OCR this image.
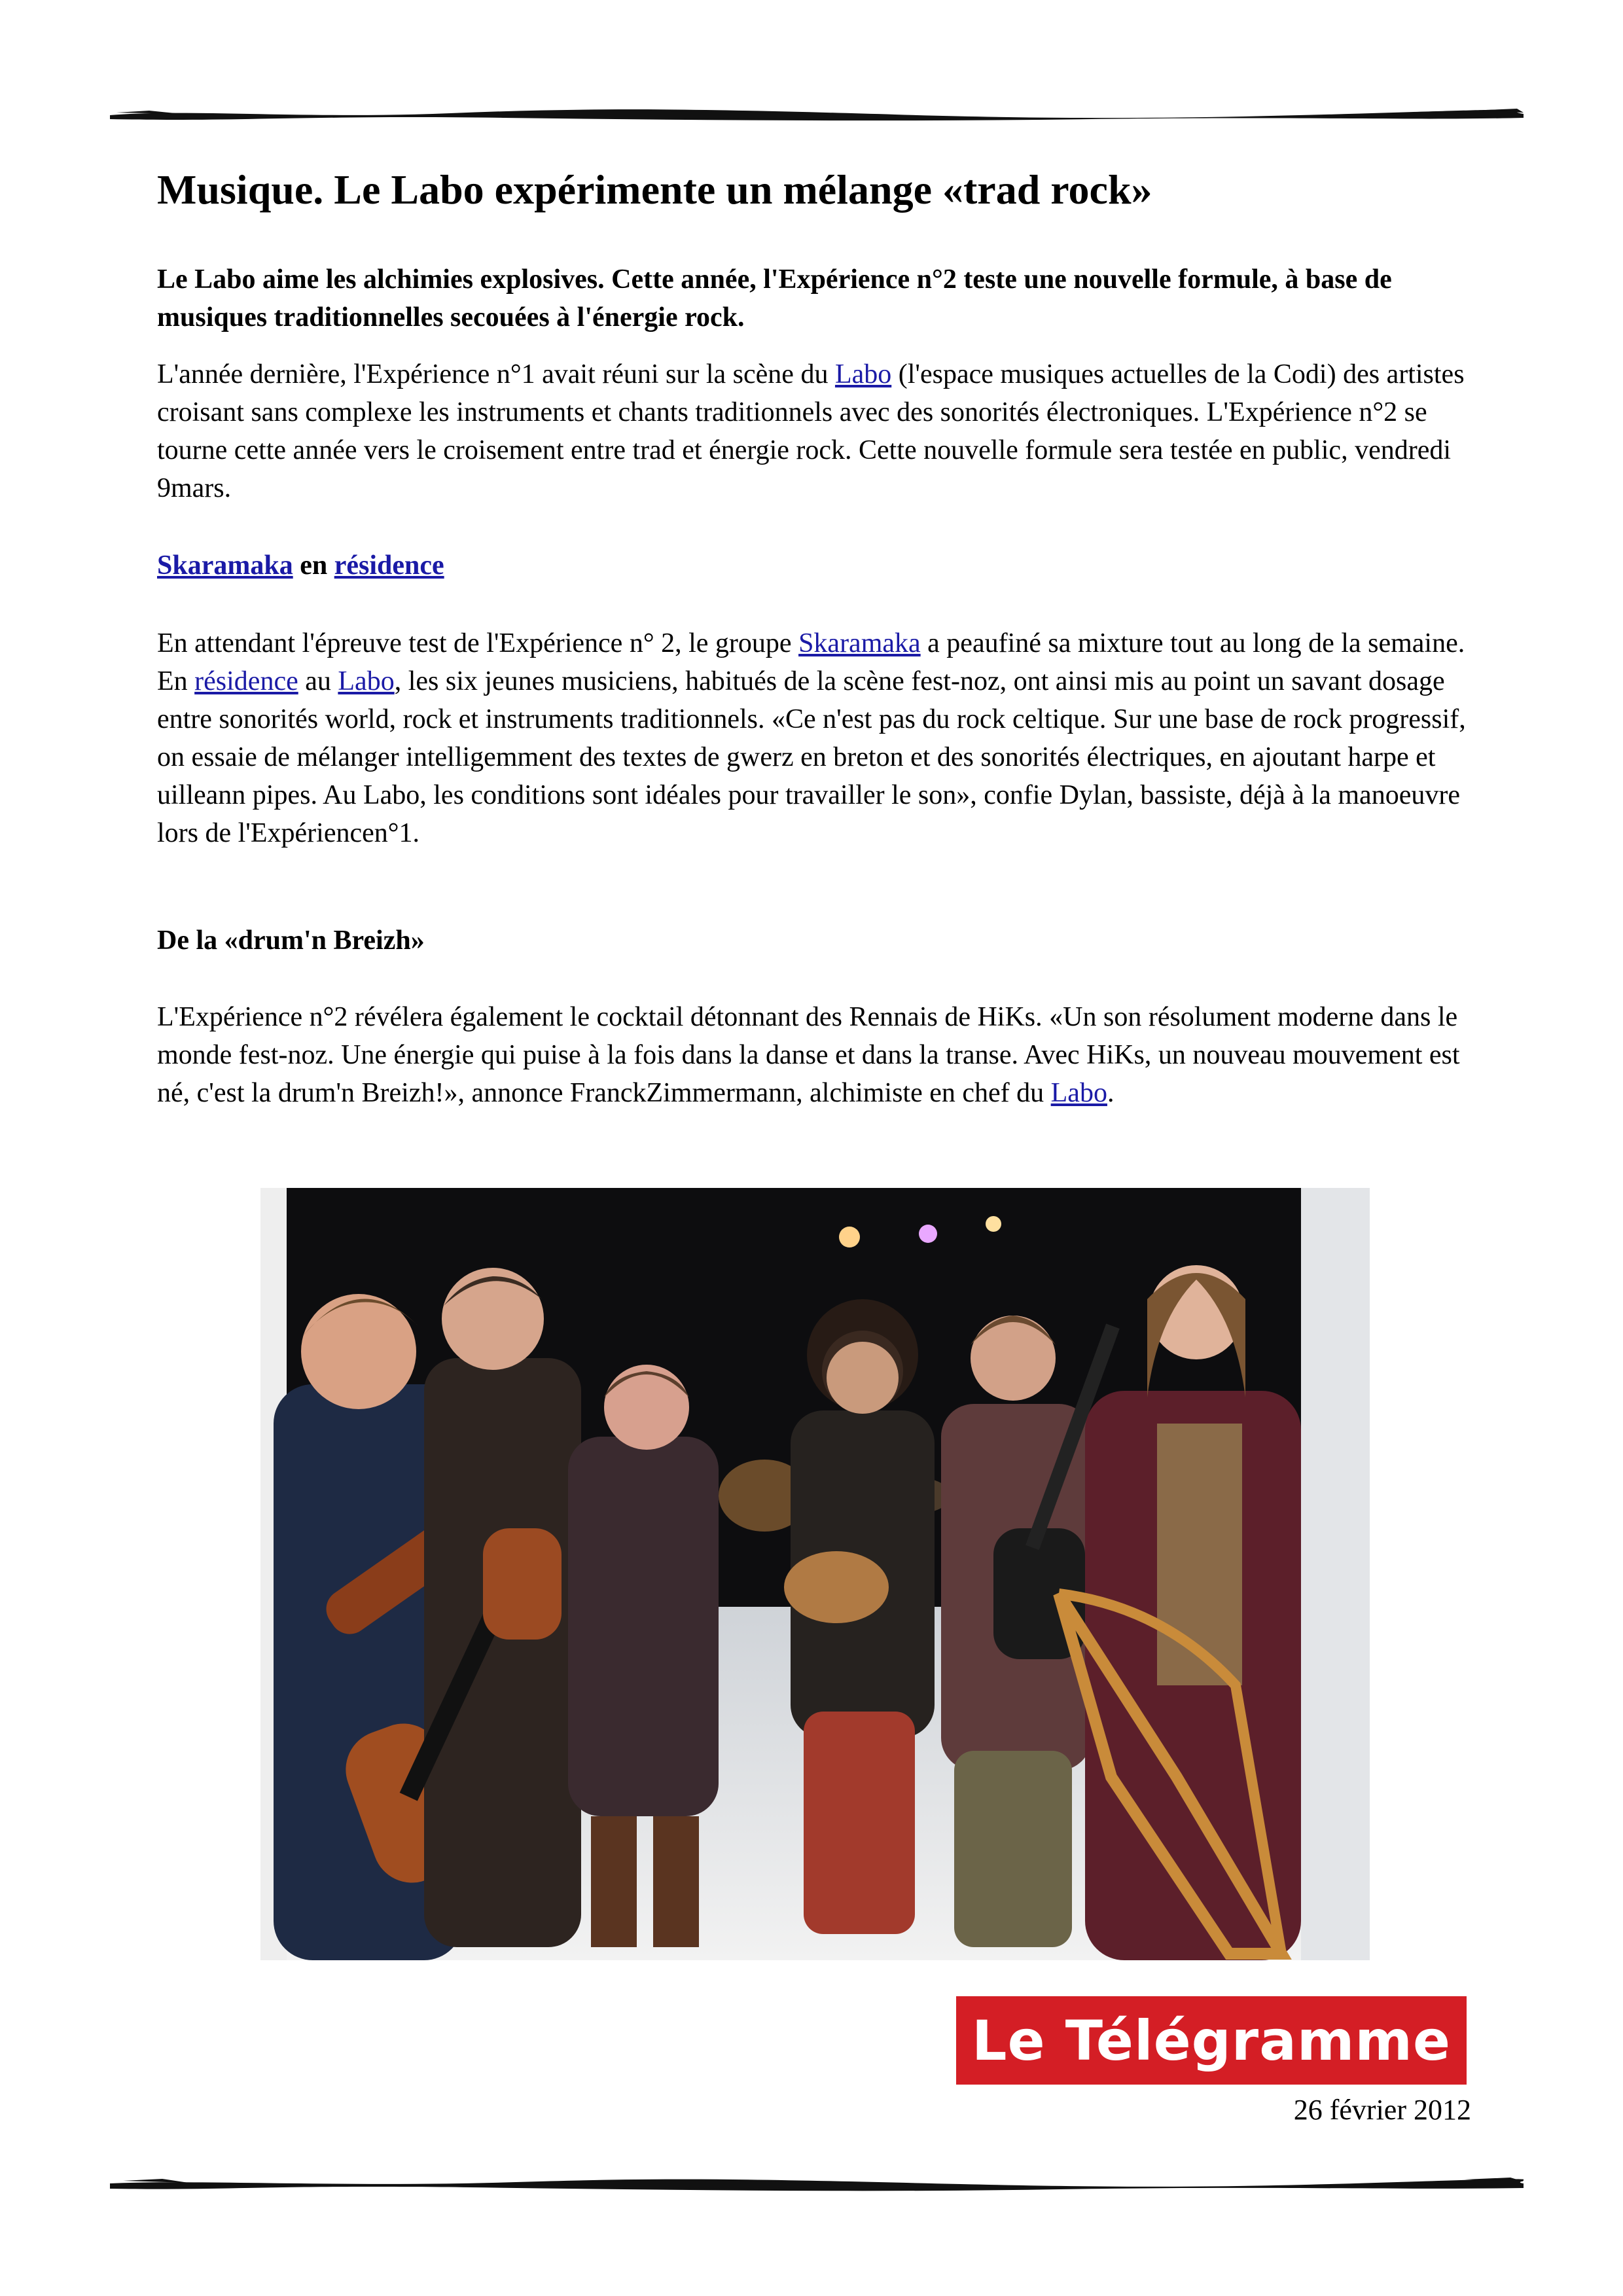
Musique. Le Labo expérimente un mélange «trad rock»

Le Labo aime les alchimies explosives. Cette année, l'Expérience n°2 teste une nouvelle formule, à base de musiques traditionnelles secouées à l'énergie rock.

L'année dernière, l'Expérience n°1 avait réuni sur la scène du Labo (l'espace musiques actuelles de la Codi) des artistes croisant sans complexe les instruments et chants traditionnels avec des sonorités électroniques. L'Expérience n°2 se tourne cette année vers le croisement entre trad et énergie rock. Cette nouvelle formule sera testée en public, vendredi 9mars.

Skaramaka en résidence

En attendant l'épreuve test de l'Expérience n° 2, le groupe Skaramaka a peaufiné sa mixture tout au long de la semaine. En résidence au Labo, les six jeunes musiciens, habitués de la scène fest-noz, ont ainsi mis au point un savant dosage entre sonorités world, rock et instruments traditionnels. «Ce n'est pas du rock celtique. Sur une base de rock progressif, on essaie de mélanger intelligemment des textes de gwerz en breton et des sonorités électriques, en ajoutant harpe et uilleann pipes. Au Labo, les conditions sont idéales pour travailler le son», confie Dylan, bassiste, déjà à la manoeuvre lors de l'Expériencen°1.

De la «drum'n Breizh»

L'Expérience n°2 révélera également le cocktail détonnant des Rennais de HiKs. «Un son résolument moderne dans le monde fest-noz. Une énergie qui puise à la fois dans la danse et dans la transe. Avec HiKs, un nouveau mouvement est né, c'est la drum'n Breizh!», annonce FranckZimmermann, alchimiste en chef du Labo.

Le Télégramme
26 février 2012
